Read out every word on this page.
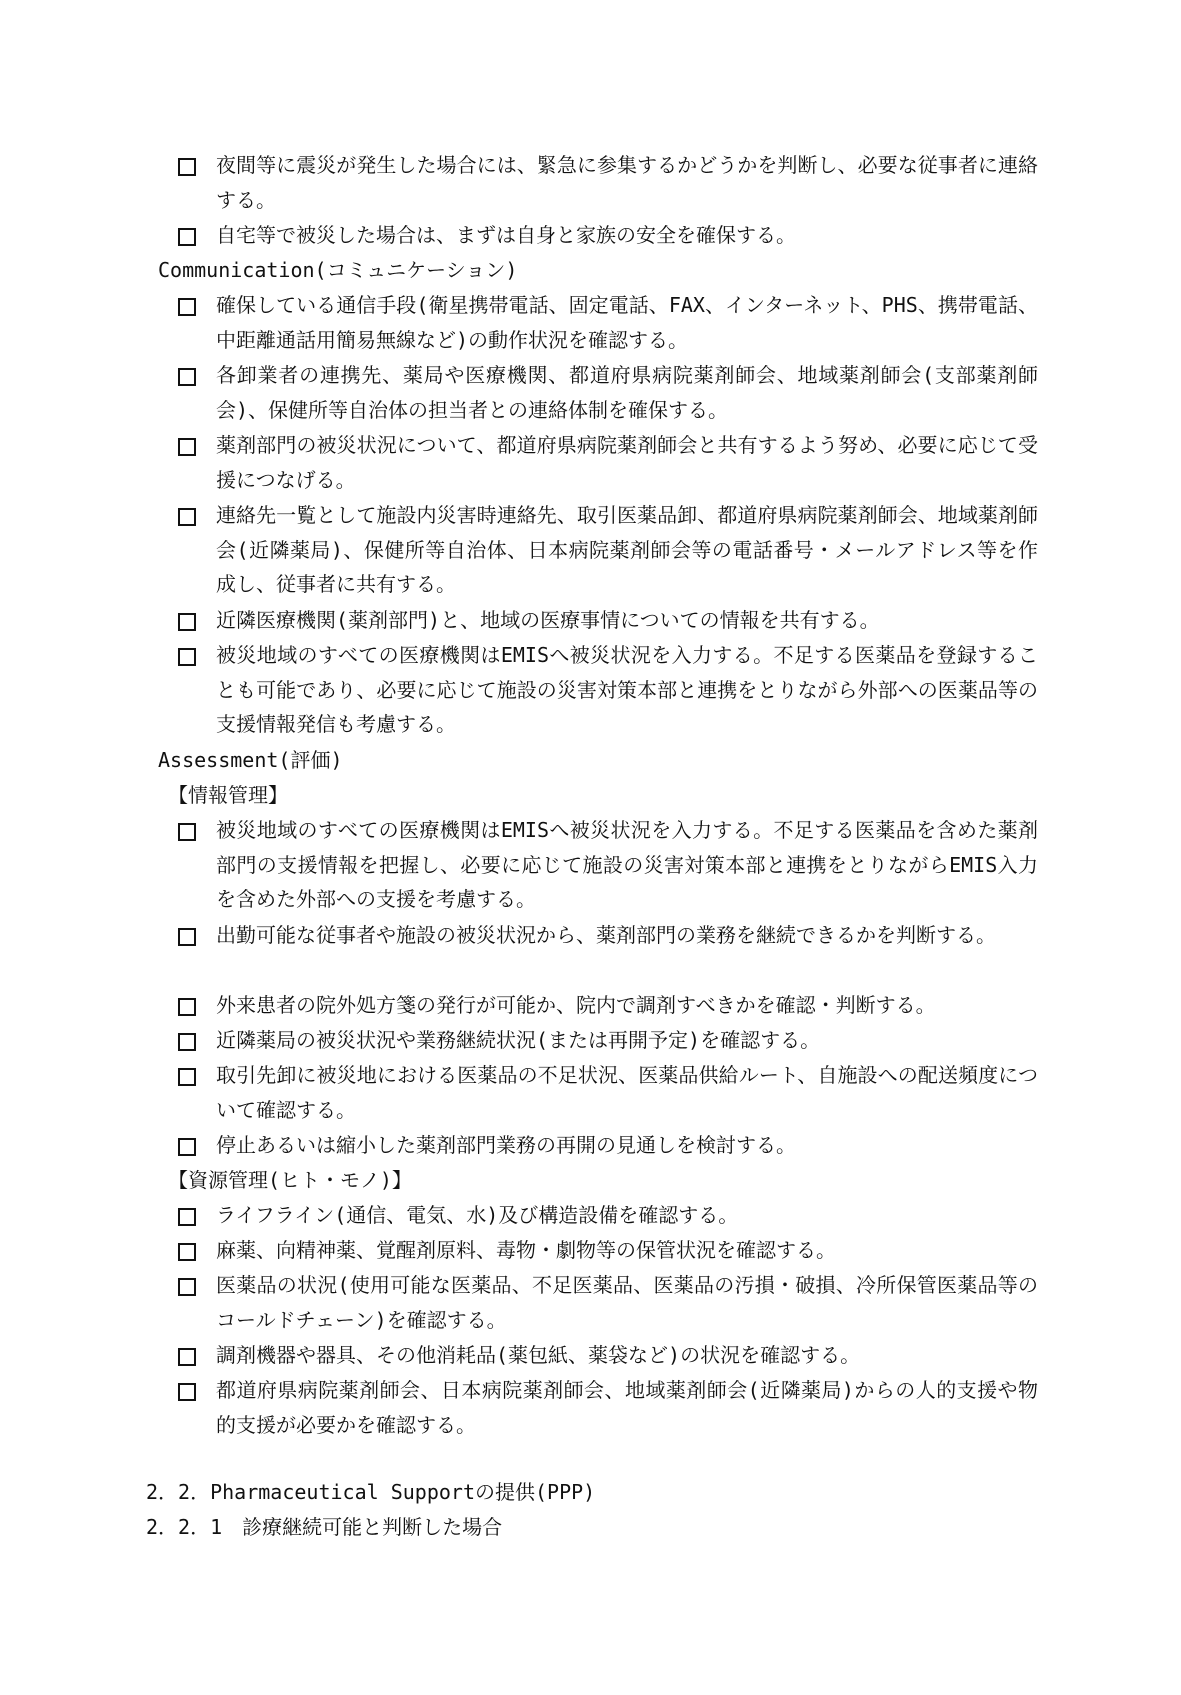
夜間等に震災が発生した場合には、緊急に参集するかどうかを判断し、必要な従事者に連絡する。
自宅等で被災した場合は、まずは自身と家族の安全を確保する。
Communication(コミュニケーション)
確保している通信手段(衛星携帯電話、固定電話、FAX、インターネット、PHS、携帯電話、中距離通話用簡易無線など)の動作状況を確認する。
各卸業者の連携先、薬局や医療機関、都道府県病院薬剤師会、地域薬剤師会(支部薬剤師会)、保健所等自治体の担当者との連絡体制を確保する。
薬剤部門の被災状況について、都道府県病院薬剤師会と共有するよう努め、必要に応じて受援につなげる。
連絡先一覧として施設内災害時連絡先、取引医薬品卸、都道府県病院薬剤師会、地域薬剤師会(近隣薬局)、保健所等自治体、日本病院薬剤師会等の電話番号・メールアドレス等を作成し、従事者に共有する。
近隣医療機関(薬剤部門)と、地域の医療事情についての情報を共有する。
被災地域のすべての医療機関はEMISへ被災状況を入力する。不足する医薬品を登録することも可能であり、必要に応じて施設の災害対策本部と連携をとりながら外部への医薬品等の支援情報発信も考慮する。
Assessment(評価)
【情報管理】
被災地域のすべての医療機関はEMISへ被災状況を入力する。不足する医薬品を含めた薬剤部門の支援情報を把握し、必要に応じて施設の災害対策本部と連携をとりながらEMIS入力を含めた外部への支援を考慮する。
出勤可能な従事者や施設の被災状況から、薬剤部門の業務を継続できるかを判断する。
外来患者の院外処方箋の発行が可能か、院内で調剤すべきかを確認・判断する。
近隣薬局の被災状況や業務継続状況(または再開予定)を確認する。
取引先卸に被災地における医薬品の不足状況、医薬品供給ルート、自施設への配送頻度について確認する。
停止あるいは縮小した薬剤部門業務の再開の見通しを検討する。
【資源管理(ヒト・モノ)】
ライフライン(通信、電気、水)及び構造設備を確認する。
麻薬、向精神薬、覚醒剤原料、毒物・劇物等の保管状況を確認する。
医薬品の状況(使用可能な医薬品、不足医薬品、医薬品の汚損・破損、冷所保管医薬品等のコールドチェーン)を確認する。
調剤機器や器具、その他消耗品(薬包紙、薬袋など)の状況を確認する。
都道府県病院薬剤師会、日本病院薬剤師会、地域薬剤師会(近隣薬局)からの人的支援や物的支援が必要かを確認する。
2．2．Pharmaceutical Supportの提供(PPP)
2．2．1　診療継続可能と判断した場合
